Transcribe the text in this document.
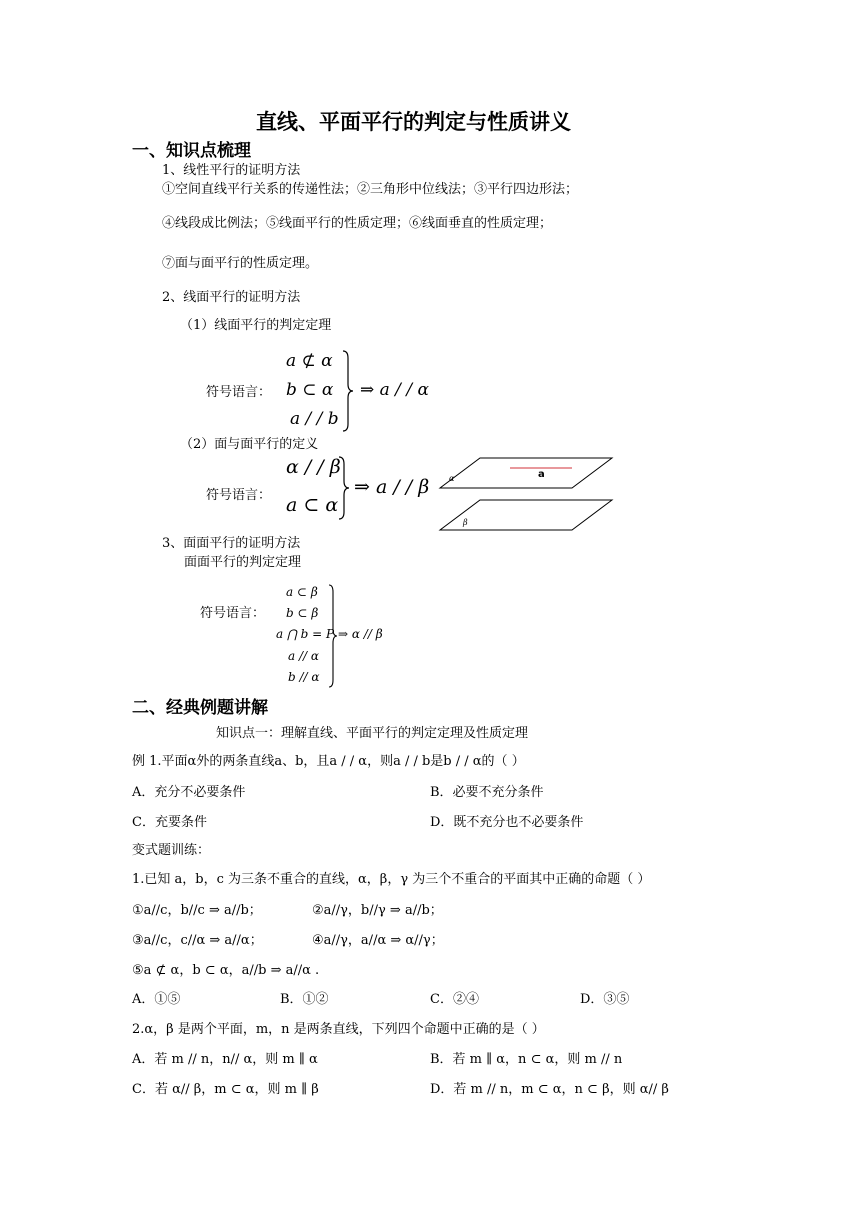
直线、平面平行的判定与性质讲义
一、知识点梳理
1、线性平行的证明方法
①空间直线平行关系的传递性法；②三角形中位线法；③平行四边形法；
④线段成比例法；⑤线面平行的性质定理；⑥线面垂直的性质定理；
⑦面与面平行的性质定理。
2、线面平行的证明方法
（1）线面平行的判定定理
符号语言：
a ⊄ α
b ⊂ α
a / / b
⇒ a / / α
（2）面与面平行的定义
符号语言：
α / / β
a ⊂ α
⇒ a / / β
a
α
β
3、面面平行的证明方法
面面平行的判定定理
符号语言：
a ⊂ β
b ⊂ β
a ⋂ b = P
a // α
b // α
⇒ α // β
二、经典例题讲解
知识点一：理解直线、平面平行的判定定理及性质定理
例 1.平面α外的两条直线a、b，且a / / α，则a / / b是b / / α的（ ）
A．充分不必要条件	B．必要不充分条件
C．充要条件	D．既不充分也不必要条件
变式题训练：
1.已知 a，b，c 为三条不重合的直线，α，β，γ 为三个不重合的平面其中正确的命题（ ）
①a//c，b//c ⇒ a//b；	②a//γ，b//γ ⇒ a//b；
③a//c，c//α ⇒ a//α；	④a//γ，a//α ⇒ α//γ；
⑤a ⊄ α，b ⊂ α，a//b ⇒ a//α .
A．①⑤	B．①②	C．②④	D．③⑤
2.α，β 是两个平面，m，n 是两条直线，下列四个命题中正确的是（ ）
A．若 m // n，n// α，则 m ∥ α	B．若 m ∥ α，n ⊂ α，则 m // n
C．若 α// β，m ⊂ α，则 m ∥ β	D．若 m // n，m ⊂ α，n ⊂ β，则 α// β
